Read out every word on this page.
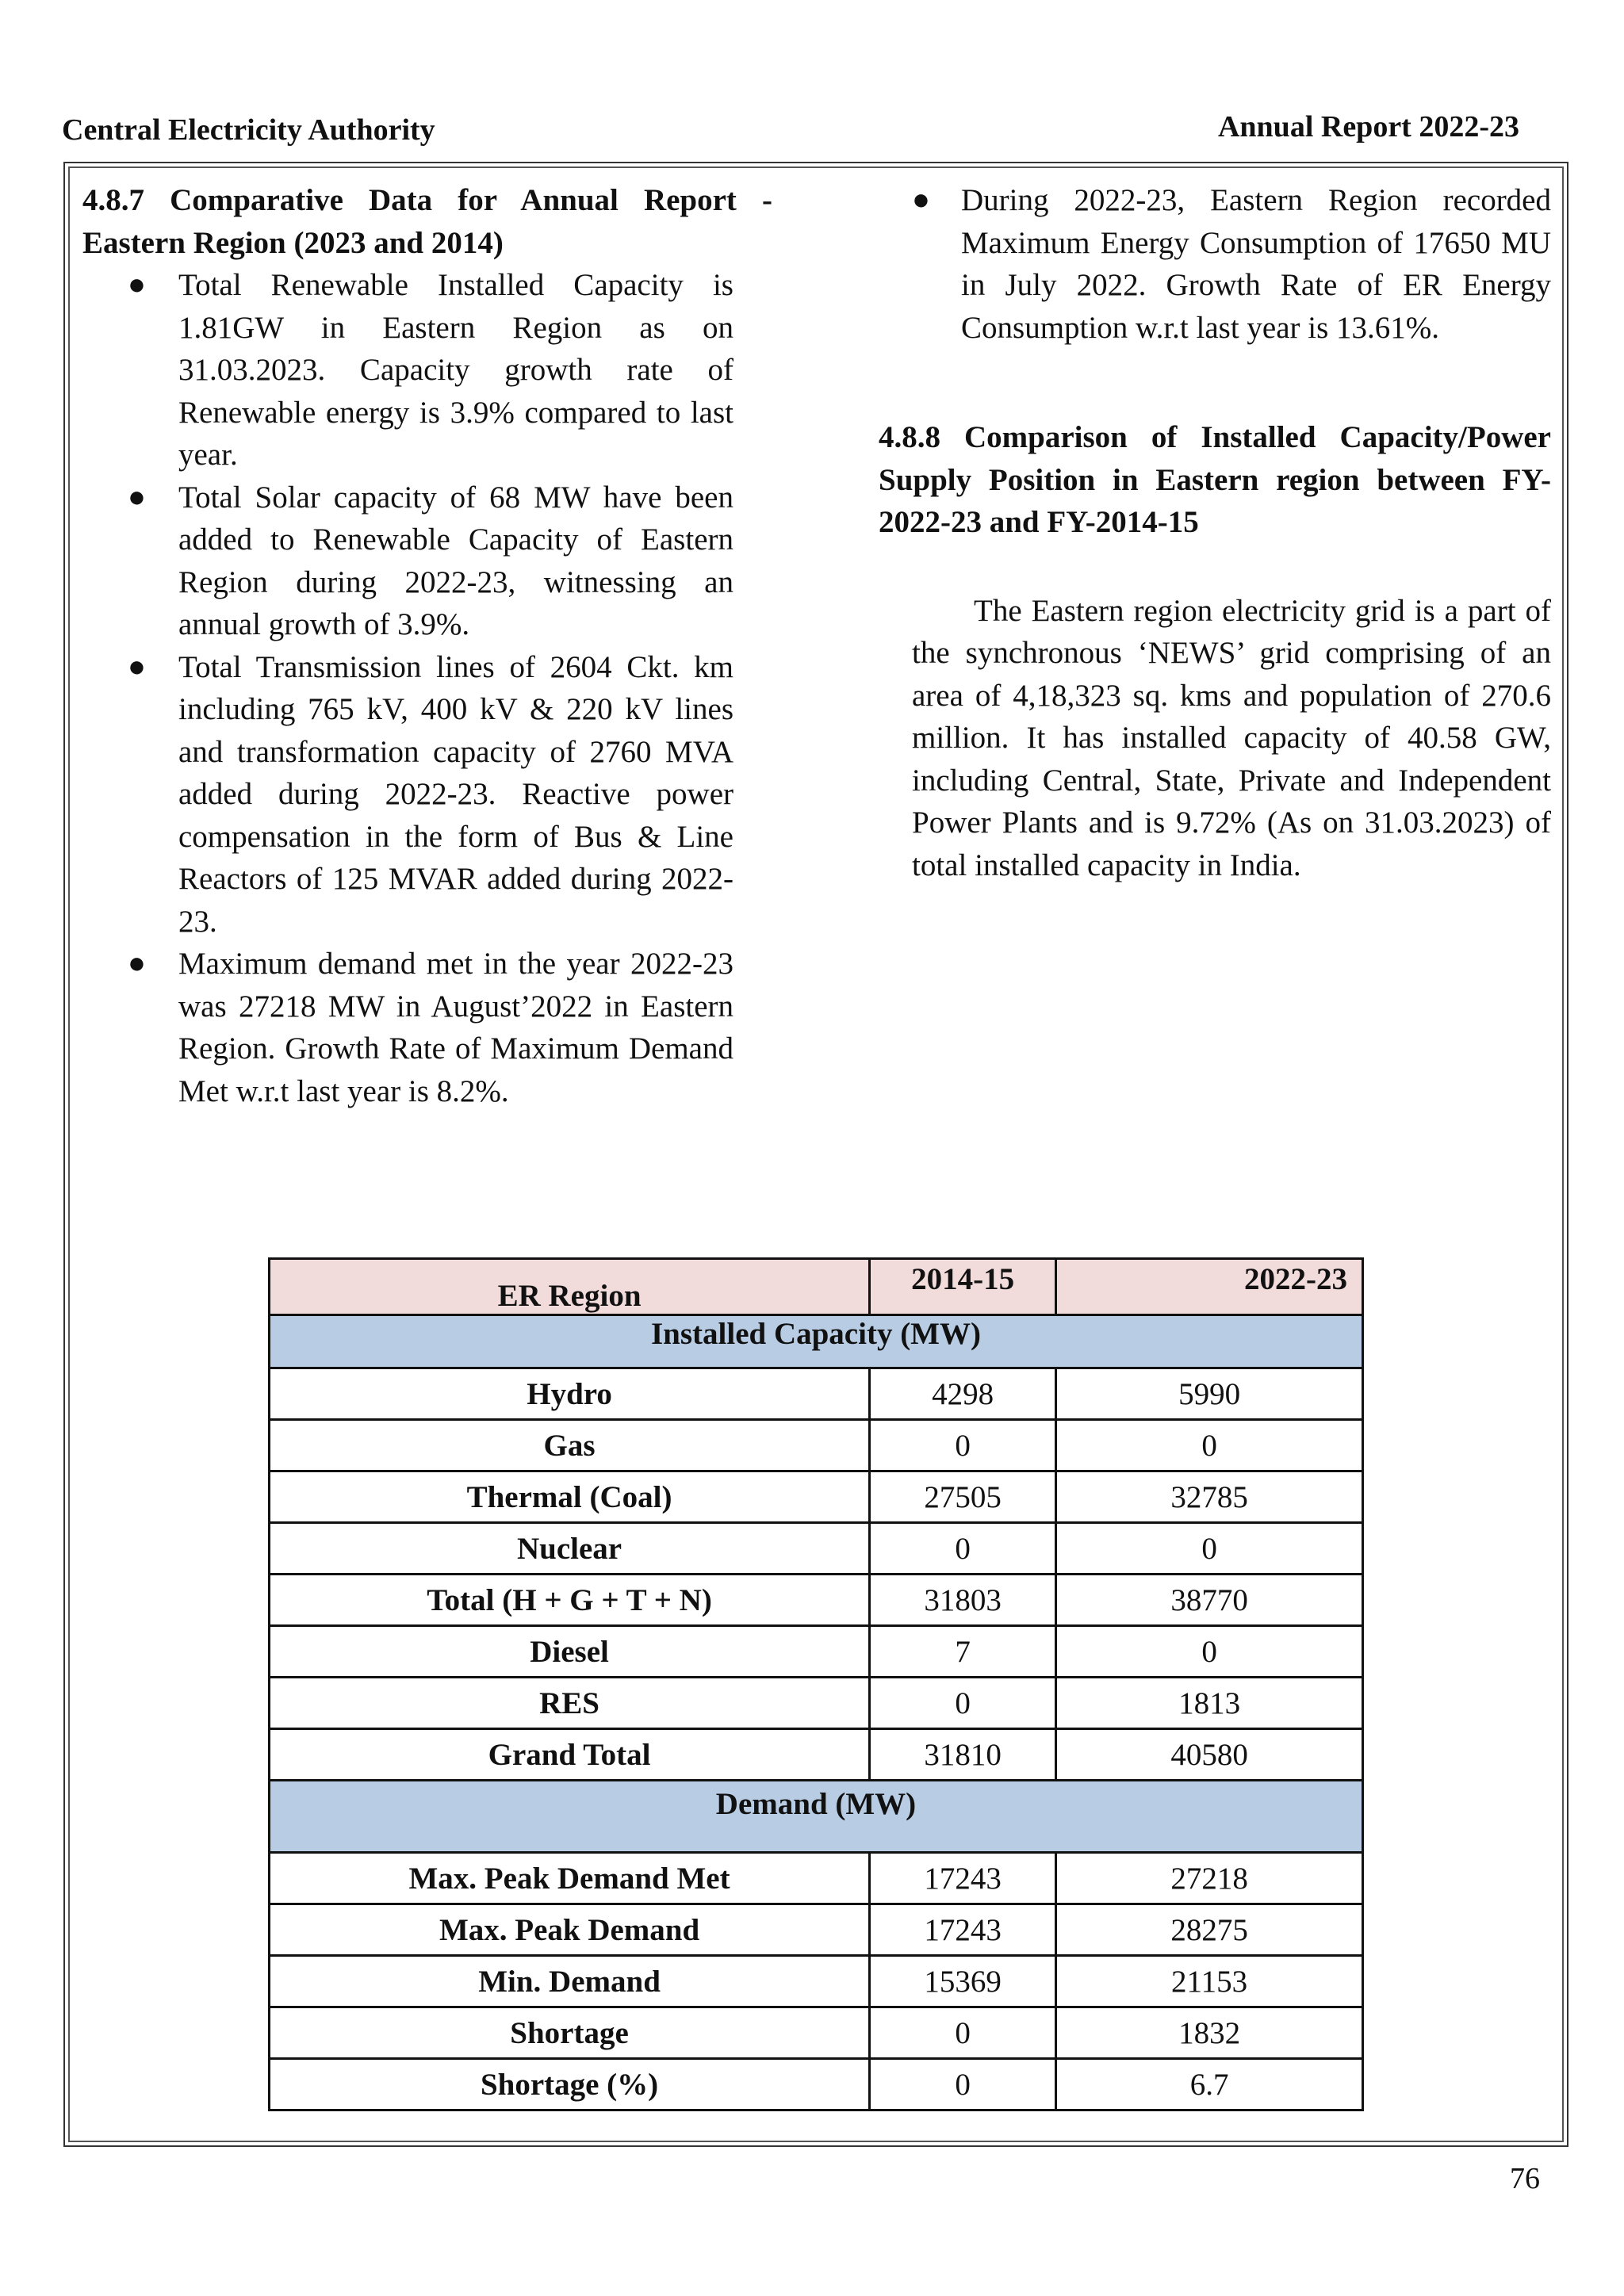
Central Electricity Authority	Annual Report 2022-23
4.8.7 Comparative Data for Annual Report - Eastern Region (2023 and 2014)
● Total Renewable Installed Capacity is 1.81GW in Eastern Region as on 31.03.2023. Capacity growth rate of Renewable energy is 3.9% compared to last year.
● Total Solar capacity of 68 MW have been added to Renewable Capacity of Eastern Region during 2022-23, witnessing an annual growth of 3.9%.
● Total Transmission lines of 2604 Ckt. km including 765 kV, 400 kV & 220 kV lines and transformation capacity of 2760 MVA added during 2022-23. Reactive power compensation in the form of Bus & Line Reactors of 125 MVAR added during 2022-23.
● Maximum demand met in the year 2022-23 was 27218 MW in August’2022 in Eastern Region. Growth Rate of Maximum Demand Met w.r.t last year is 8.2%.
● During 2022-23, Eastern Region recorded Maximum Energy Consumption of 17650 MU in July 2022. Growth Rate of ER Energy Consumption w.r.t last year is 13.61%.
4.8.8 Comparison of Installed Capacity/Power Supply Position in Eastern region between FY-2022-23 and FY-2014-15
The Eastern region electricity grid is a part of the synchronous ‘NEWS’ grid comprising of an area of 4,18,323 sq. kms and population of 270.6 million. It has installed capacity of 40.58 GW, including Central, State, Private and Independent Power Plants and is 9.72% (As on 31.03.2023) of total installed capacity in India.
ER Region	2014-15	2022-23
Installed Capacity (MW)		
Hydro	4298	5990
Gas	0	0
Thermal (Coal)	27505	32785
Nuclear	0	0
Total (H + G + T + N)	31803	38770
Diesel	7	0
RES	0	1813
Grand Total	31810	40580
Demand (MW)		
Max. Peak Demand Met	17243	27218
Max. Peak Demand	17243	28275
Min. Demand	15369	21153
Shortage	0	1832
Shortage (%)	0	6.7
76
